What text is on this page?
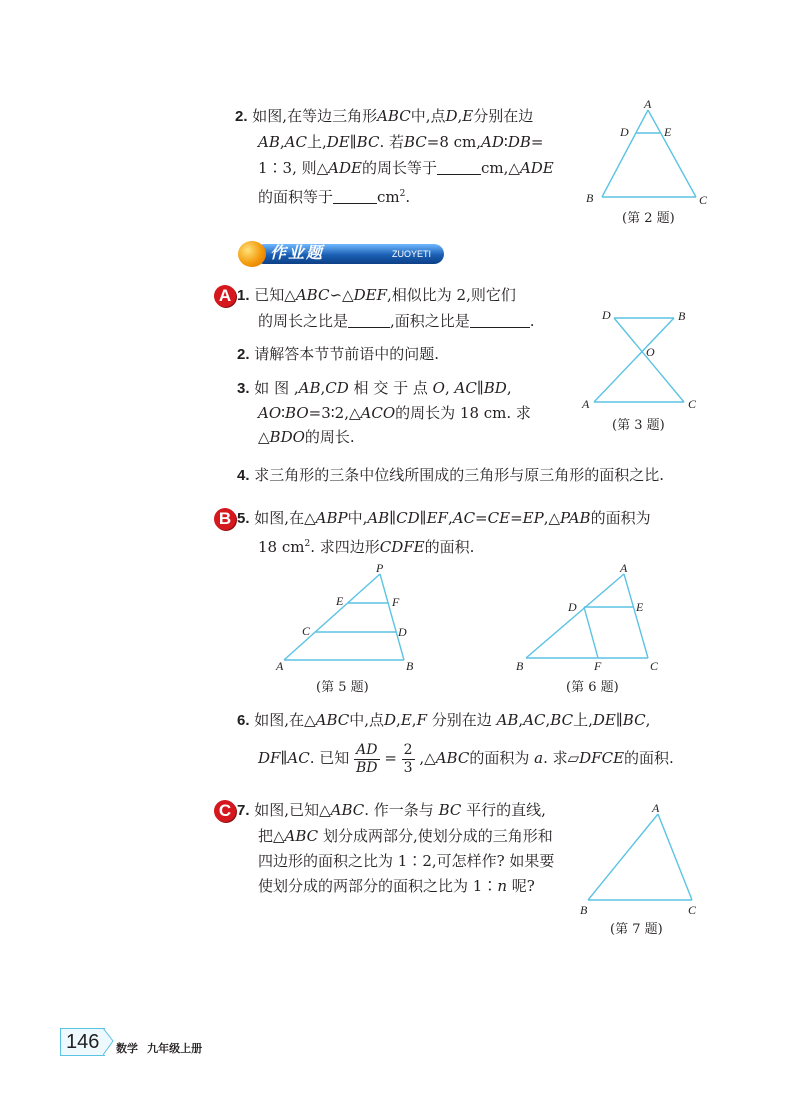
2. 如图,在等边三角形ABC中,点D,E分别在边
AB,AC上,DE∥BC. 若BC=8 cm,AD∶DB=
1∶3, 则△ADE的周长等于	cm,△ADE
的面积等于	$cm^2$.
A
D	E
B	C
(第 2 题)
作业题	ZUOYETI
A 1. 已知△ABC∽△DEF,相似比为 2,则它们
的周长之比是	,面积之比是	.
2. 请解答本节节前语中的问题.
3. 如 图 ,AB,CD 相 交 于 点 O, AC∥BD,
AO∶BO=3∶2,△ACO的周长为 18 cm. 求
△BDO的周长.
D	B
O
A	C
(第 3 题)
4. 求三角形的三条中位线所围成的三角形与原三角形的面积之比.
B 5. 如图,在△ABP中,AB∥CD∥EF,AC=CE=EP,△PAB的面积为
18 $cm^2$. 求四边形CDFE的面积.
P
E	F
C	D
A	B
(第 5 题)
A
D	E
B	F	C
(第 6 题)
6. 如图,在△ABC中,点D,E,F 分别在边 AB,AC,BC上,DE∥BC,
DF∥AC. 已知 $\frac{AD}{BD} = \frac{2}{3}$ ,△ABC的面积为 a. 求▱DFCE的面积.
C 7. 如图,已知△ABC. 作一条与 BC 平行的直线,
把△ABC 划分成两部分,使划分成的三角形和
四边形的面积之比为 1∶2,可怎样作? 如果要
使划分成的两部分的面积之比为 1∶n 呢?
A
B	C
(第 7 题)
146 数学 九年级上册
